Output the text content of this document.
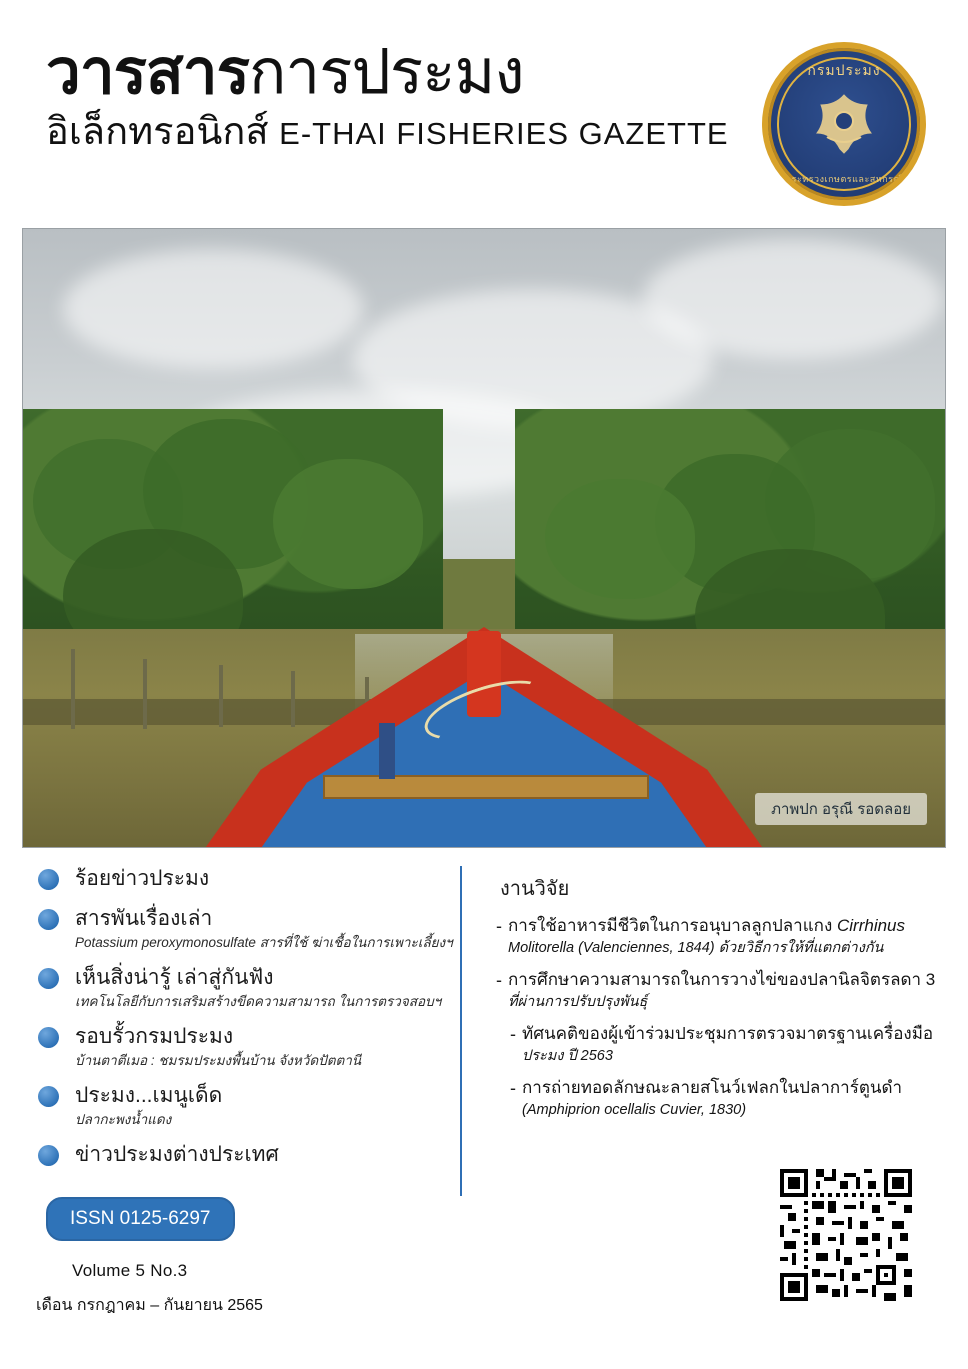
วารสารการประมง
อิเล็กทรอนิกส์ E-THAI FISHERIES GAZETTE
กรมประมง
กระทรวงเกษตรและสหกรณ์
ภาพปก อรุณี รอดลอย
ร้อยข่าวประมง
สารพันเรื่องเล่า
Potassium peroxymonosulfate สารที่ใช้ ฆ่าเชื้อในการเพาะเลี้ยงฯ
เห็นสิ่งน่ารู้ เล่าสู่กันฟัง
เทคโนโลยีกับการเสริมสร้างขีดความสามารถ ในการตรวจสอบฯ
รอบรั้วกรมประมง
บ้านตาตีเมอ : ชมรมประมงพื้นบ้าน จังหวัดปัตตานี
ประมง...เมนูเด็ด
ปลากะพงน้ำแดง
ข่าวประมงต่างประเทศ
งานวิจัย
- การใช้อาหารมีชีวิตในการอนุบาลลูกปลาแกง Cirrhinus
Molitorella (Valenciennes, 1844) ด้วยวิธีการให้ที่แตกต่างกัน
- การศึกษาความสามารถในการวางไข่ของปลานิลจิตรลดา 3
ที่ผ่านการปรับปรุงพันธุ์
- ทัศนคติของผู้เข้าร่วมประชุมการตรวจมาตรฐานเครื่องมือ
ประมง ปี 2563
- การถ่ายทอดลักษณะลายสโนว์เฟลกในปลาการ์ตูนดำ
(Amphiprion ocellalis Cuvier, 1830)
ISSN 0125-6297
Volume 5 No.3
เดือน กรกฎาคม – กันยายน 2565
